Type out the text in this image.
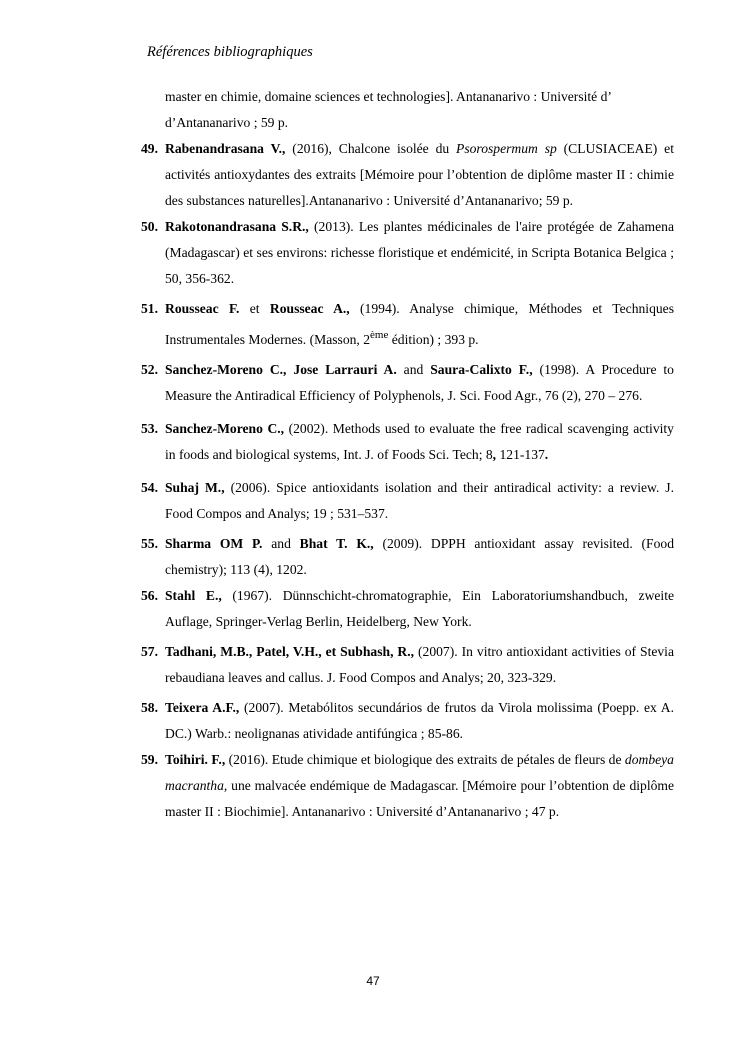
Références bibliographiques
master en chimie, domaine sciences et technologies]. Antananarivo : Université d’
d’Antananarivo ; 59 p.
49. Rabenandrasana V., (2016), Chalcone isolée du Psorospermum sp (CLUSIACEAE) et activités antioxydantes des extraits [Mémoire pour l’obtention de diplôme master II : chimie des substances naturelles].Antananarivo : Université d’Antananarivo; 59 p.
50. Rakotonandrasana S.R., (2013). Les plantes médicinales de l'aire protégée de Zahamena (Madagascar) et ses environs: richesse floristique et endémicité, in Scripta Botanica Belgica ; 50, 356-362.
51. Rousseac F. et Rousseac A., (1994). Analyse chimique, Méthodes et Techniques Instrumentales Modernes. (Masson, 2ème édition) ; 393 p.
52. Sanchez-Moreno C., Jose Larrauri A. and Saura-Calixto F., (1998). A Procedure to Measure the Antiradical Efficiency of Polyphenols, J. Sci. Food Agr., 76 (2), 270 – 276.
53. Sanchez-Moreno C., (2002). Methods used to evaluate the free radical scavenging activity in foods and biological systems, Int. J. of Foods Sci. Tech; 8, 121-137.
54. Suhaj M., (2006). Spice antioxidants isolation and their antiradical activity: a review. J. Food Compos and Analys; 19 ; 531–537.
55. Sharma OM P. and Bhat T. K., (2009). DPPH antioxidant assay revisited. (Food chemistry); 113 (4), 1202.
56. Stahl E., (1967). Dünnschicht-chromatographie, Ein Laboratoriumshandbuch, zweite Auflage, Springer-Verlag Berlin, Heidelberg, New York.
57. Tadhani, M.B., Patel, V.H., et Subhash, R., (2007). In vitro antioxidant activities of Stevia rebaudiana leaves and callus. J. Food Compos and Analys; 20, 323-329.
58. Teixera A.F., (2007). Metabólitos secundários de frutos da Virola molissima (Poepp. ex A. DC.) Warb.: neolignanas atividade antifúngica ; 85-86.
59. Toihiri. F., (2016). Etude chimique et biologique des extraits de pétales de fleurs de dombeya macrantha, une malvacée endémique de Madagascar. [Mémoire pour l’obtention de diplôme master II : Biochimie]. Antananarivo : Université d’Antananarivo ; 47 p.
47
